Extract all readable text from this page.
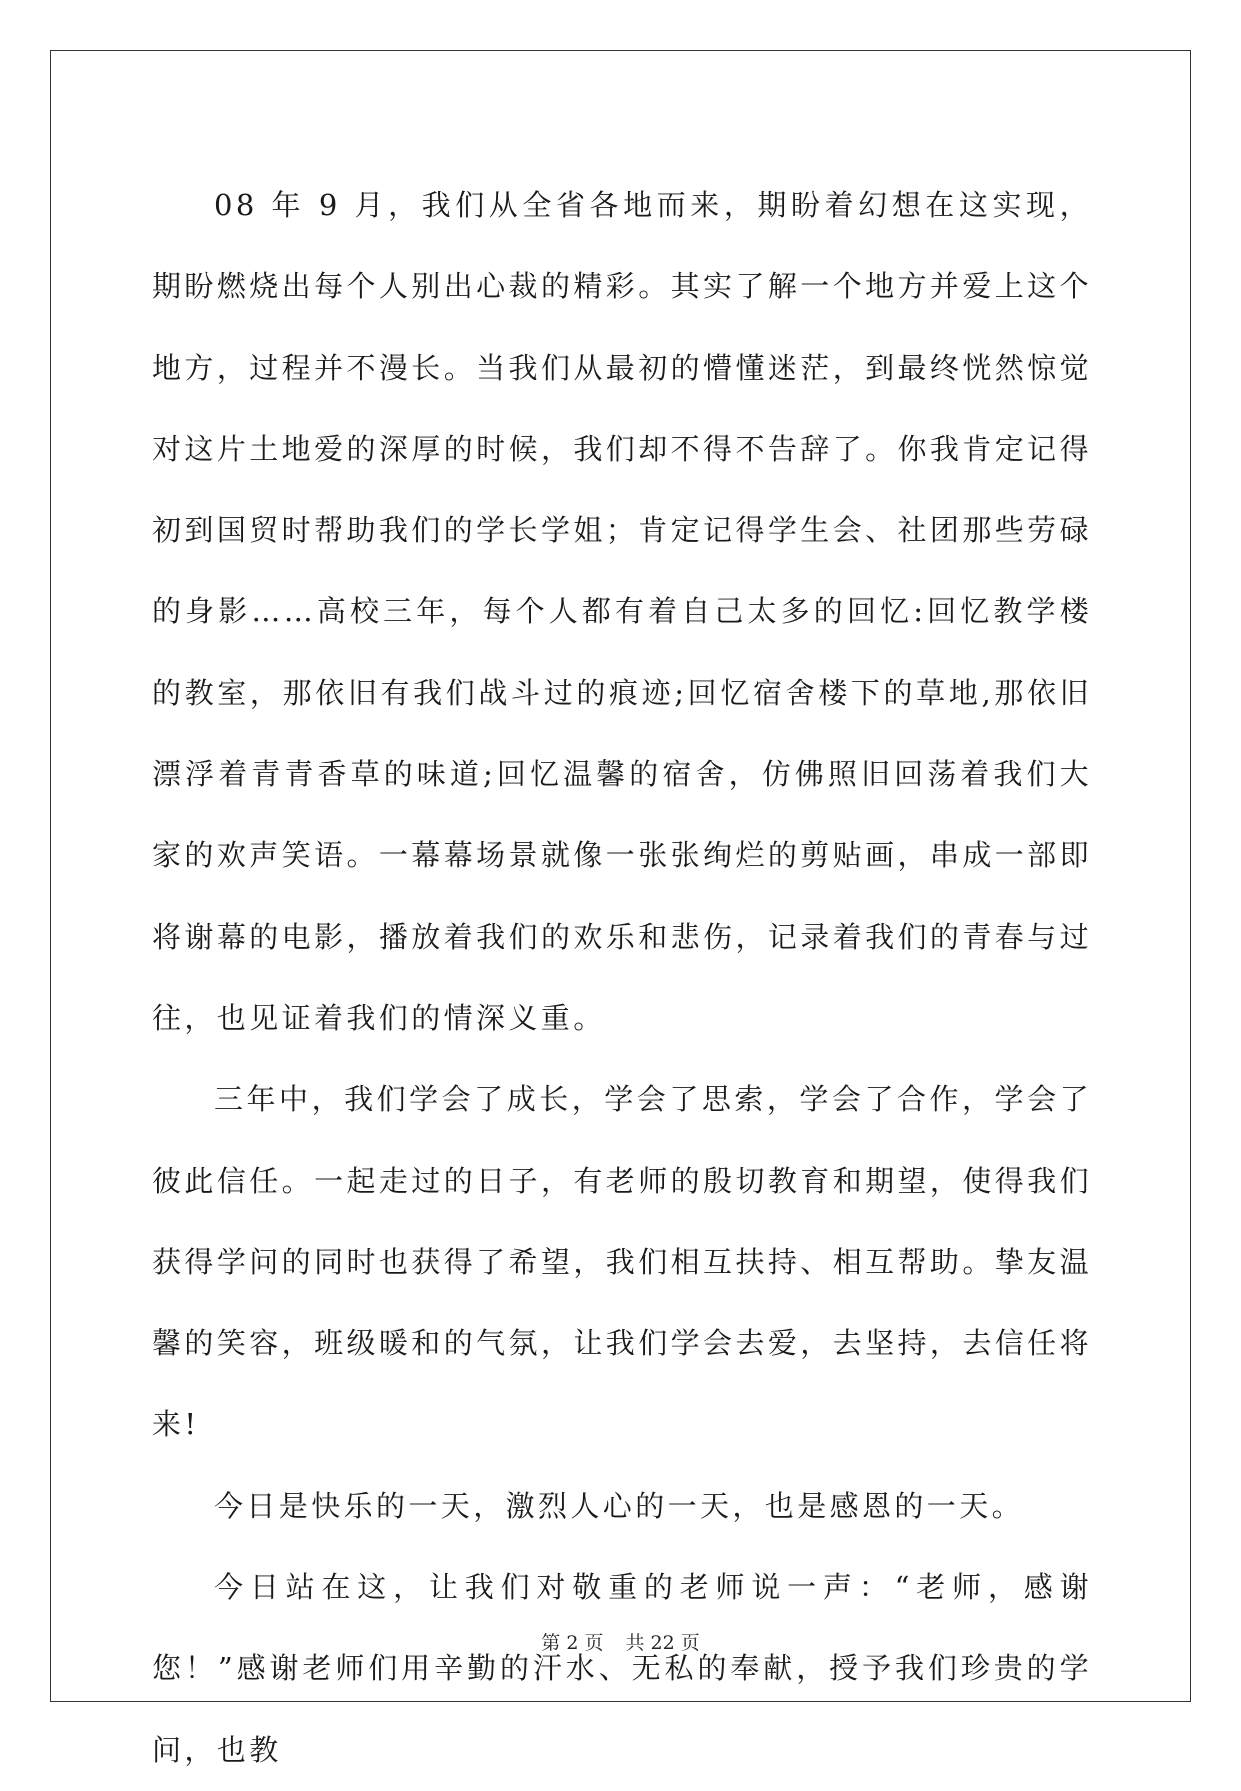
08 年 9 月，我们从全省各地而来，期盼着幻想在这实现，期盼燃烧出每个人别出心裁的精彩。其实了解一个地方并爱上这个地方，过程并不漫长。当我们从最初的懵懂迷茫，到最终恍然惊觉对这片土地爱的深厚的时候，我们却不得不告辞了。你我肯定记得初到国贸时帮助我们的学长学姐；肯定记得学生会、社团那些劳碌的身影……高校三年，每个人都有着自己太多的回忆:回忆教学楼的教室，那依旧有我们战斗过的痕迹;回忆宿舍楼下的草地,那依旧漂浮着青青香草的味道;回忆温馨的宿舍，仿佛照旧回荡着我们大家的欢声笑语。一幕幕场景就像一张张绚烂的剪贴画，串成一部即将谢幕的电影，播放着我们的欢乐和悲伤，记录着我们的青春与过往，也见证着我们的情深义重。

三年中，我们学会了成长，学会了思索，学会了合作，学会了彼此信任。一起走过的日子，有老师的殷切教育和期望，使得我们获得学问的同时也获得了希望，我们相互扶持、相互帮助。挚友温馨的笑容，班级暖和的气氛，让我们学会去爱，去坚持，去信任将来!

今日是快乐的一天，激烈人心的一天，也是感恩的一天。

今日站在这，让我们对敬重的老师说一声：“老师，感谢您！”感谢老师们用辛勤的汗水、无私的奉献，授予我们珍贵的学问，也教

第 2 页 共 22 页
